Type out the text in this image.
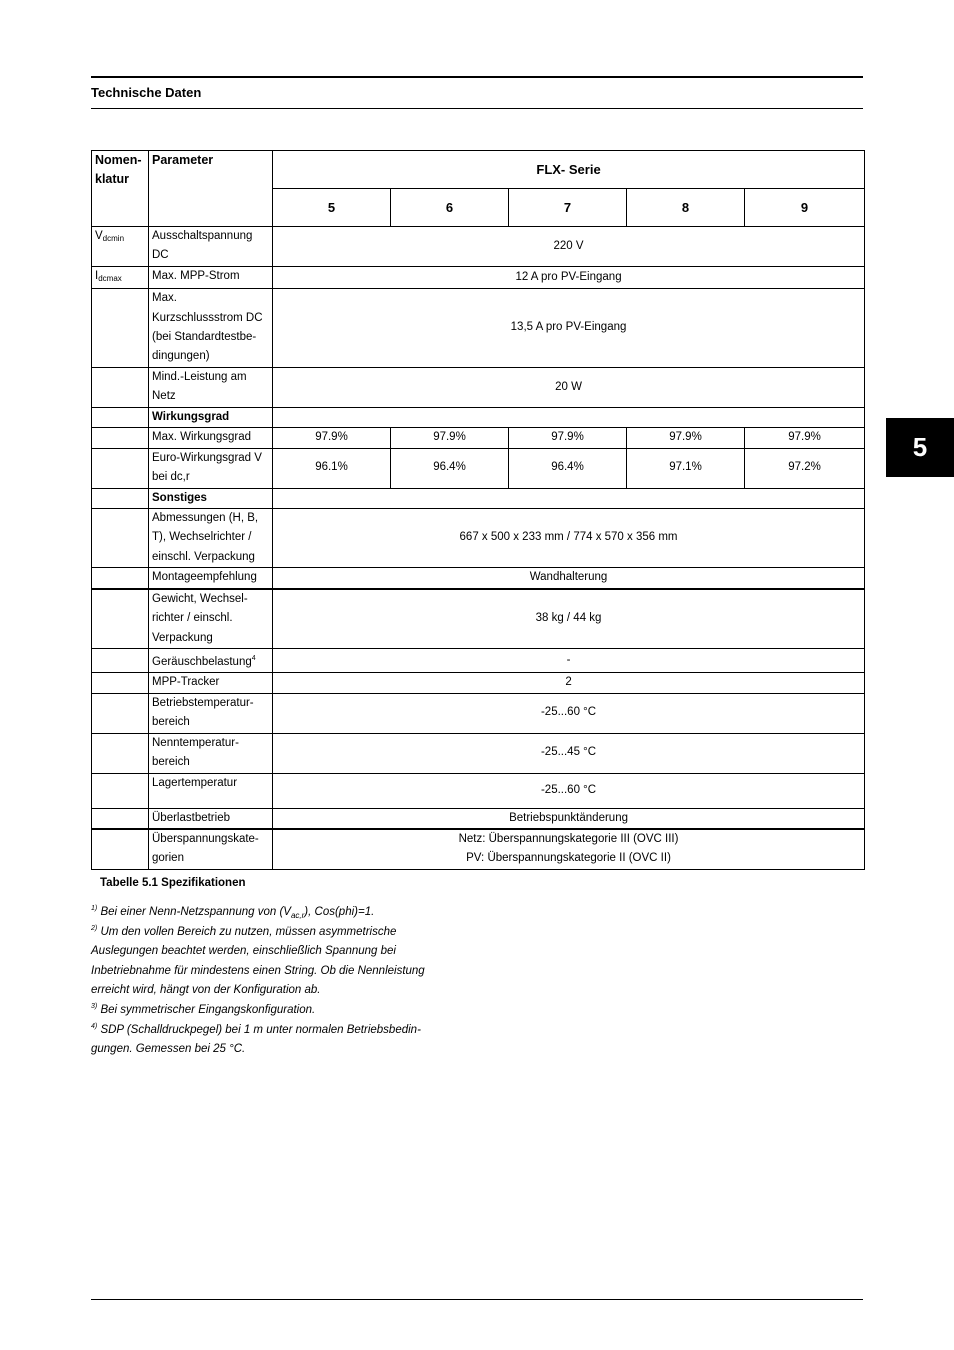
Technische Daten
5
Nomen-
klatur	Parameter	FLX- Serie				
		5	6	7	8	9
$V_{dcmin}$	Ausschaltspannung DC	220 V				
$I_{dcmax}$	Max. MPP-Strom	12 A pro PV-Eingang				
	Max. Kurzschlussstrom DC (bei Standardtestbe-dingungen)	13,5 A pro PV-Eingang				
	Mind.-Leistung am Netz	20 W				
	Wirkungsgrad					
	Max. Wirkungsgrad	97.9%	97.9%	97.9%	97.9%	97.9%
	Euro-Wirkungsgrad V bei dc,r	96.1%	96.4%	96.4%	97.1%	97.2%
	Sonstiges					
	Abmessungen (H, B, T), Wechselrichter / einschl. Verpackung	667 x 500 x 233 mm / 774 x 570 x 356 mm				
	Montageempfehlung	Wandhalterung				
	Gewicht, Wechsel-richter / einschl. Verpackung	38 kg / 44 kg				
	Geräuschbelastung$^4$	-				
	MPP-Tracker	2				
	Betriebstemperatur-bereich	-25...60 °C				
	Nenntemperatur-bereich	-25...45 °C				
	Lagertemperatur	-25...60 °C				
	Überlastbetrieb	Betriebspunktänderung				
	Überspannungskate-gorien	Netz: Überspannungskategorie III (OVC III)
PV: Überspannungskategorie II (OVC II)				
Tabelle 5.1 Spezifikationen
$^{1)}$ Bei einer Nenn-Netzspannung von $(V_{ac,r})$, Cos(phi)=1.
$^{2)}$ Um den vollen Bereich zu nutzen, müssen asymmetrische Auslegungen beachtet werden, einschließlich Spannung bei Inbetriebnahme für mindestens einen String. Ob die Nennleistung erreicht wird, hängt von der Konfiguration ab.
$^{3)}$ Bei symmetrischer Eingangskonfiguration.
$^{4)}$ SDP (Schalldruckpegel) bei 1 m unter normalen Betriebsbedin-gungen. Gemessen bei 25 °C.
